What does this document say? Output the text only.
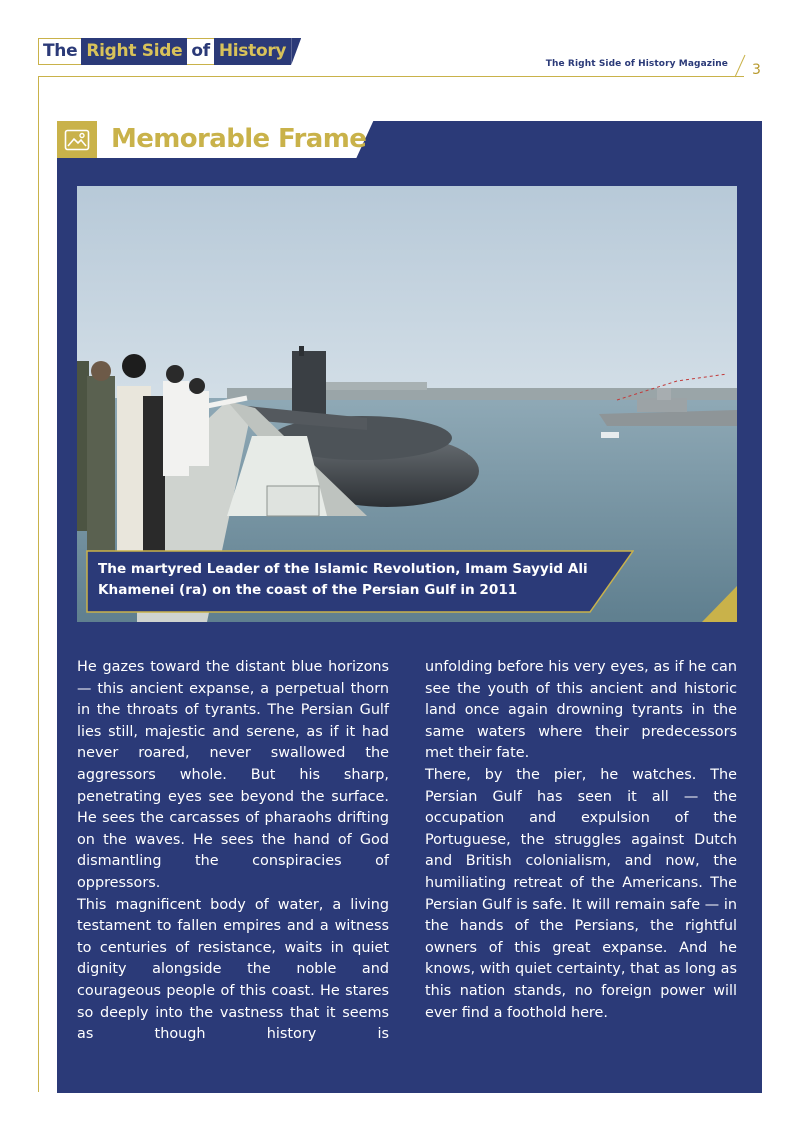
The Right Side of History
The Right Side of History Magazine 3
Memorable Frame
The martyred Leader of the Islamic Revolution, Imam Sayyid Ali Khamenei (ra) on the coast of the Persian Gulf in 2011

He gazes toward the distant blue horizons — this ancient expanse, a perpetual thorn in the throats of tyrants. The Persian Gulf lies still, majestic and serene, as if it had never roared, never swallowed the aggressors whole. But his sharp, penetrating eyes see beyond the surface. He sees the carcasses of pharaohs drifting on the waves. He sees the hand of God dismantling the conspiracies of oppressors.

This magnificent body of water, a living testament to fallen empires and a witness to centuries of resistance, waits in quiet dignity alongside the noble and courageous people of this coast. He stares so deeply into the vastness that it seems as though history is

unfolding before his very eyes, as if he can see the youth of this ancient and historic land once again drowning tyrants in the same waters where their predecessors met their fate.

There, by the pier, he watches. The Persian Gulf has seen it all — the occupation and expulsion of the Portuguese, the struggles against Dutch and British colonialism, and now, the humiliating retreat of the Americans. The Persian Gulf is safe. It will remain safe — in the hands of the Persians, the rightful owners of this great expanse. And he knows, with quiet certainty, that as long as this nation stands, no foreign power will ever find a foothold here.
